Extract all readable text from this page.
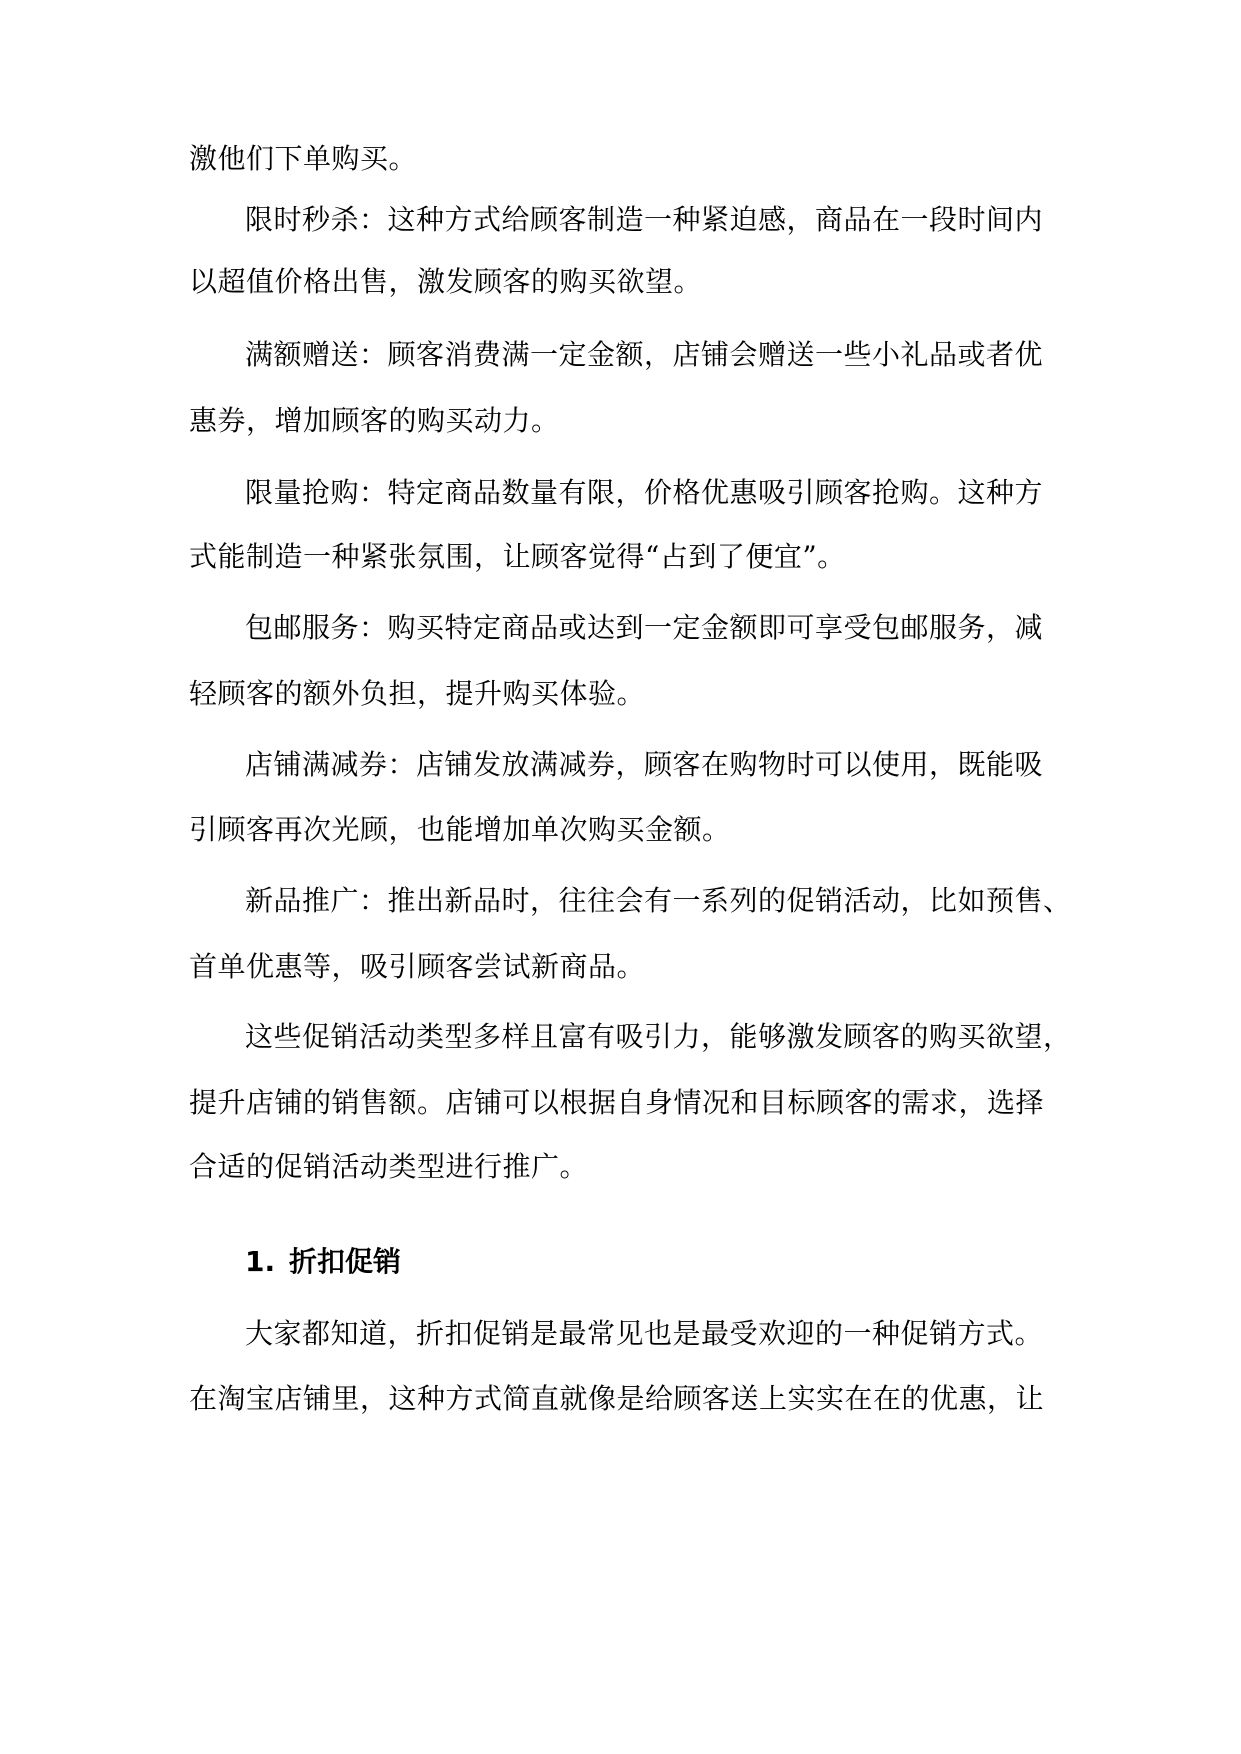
激他们下单购买。
限时秒杀：这种方式给顾客制造一种紧迫感，商品在一段时间内
以超值价格出售，激发顾客的购买欲望。
满额赠送：顾客消费满一定金额，店铺会赠送一些小礼品或者优
惠券，增加顾客的购买动力。
限量抢购：特定商品数量有限，价格优惠吸引顾客抢购。这种方
式能制造一种紧张氛围，让顾客觉得“占到了便宜”。
包邮服务：购买特定商品或达到一定金额即可享受包邮服务，减
轻顾客的额外负担，提升购买体验。
店铺满减券：店铺发放满减券，顾客在购物时可以使用，既能吸
引顾客再次光顾，也能增加单次购买金额。
新品推广：推出新品时，往往会有一系列的促销活动，比如预售、
首单优惠等，吸引顾客尝试新商品。
这些促销活动类型多样且富有吸引力，能够激发顾客的购买欲望，
提升店铺的销售额。店铺可以根据自身情况和目标顾客的需求，选择
合适的促销活动类型进行推广。
1. 折扣促销
大家都知道，折扣促销是最常见也是最受欢迎的一种促销方式。
在淘宝店铺里，这种方式简直就像是给顾客送上实实在在的优惠，让
